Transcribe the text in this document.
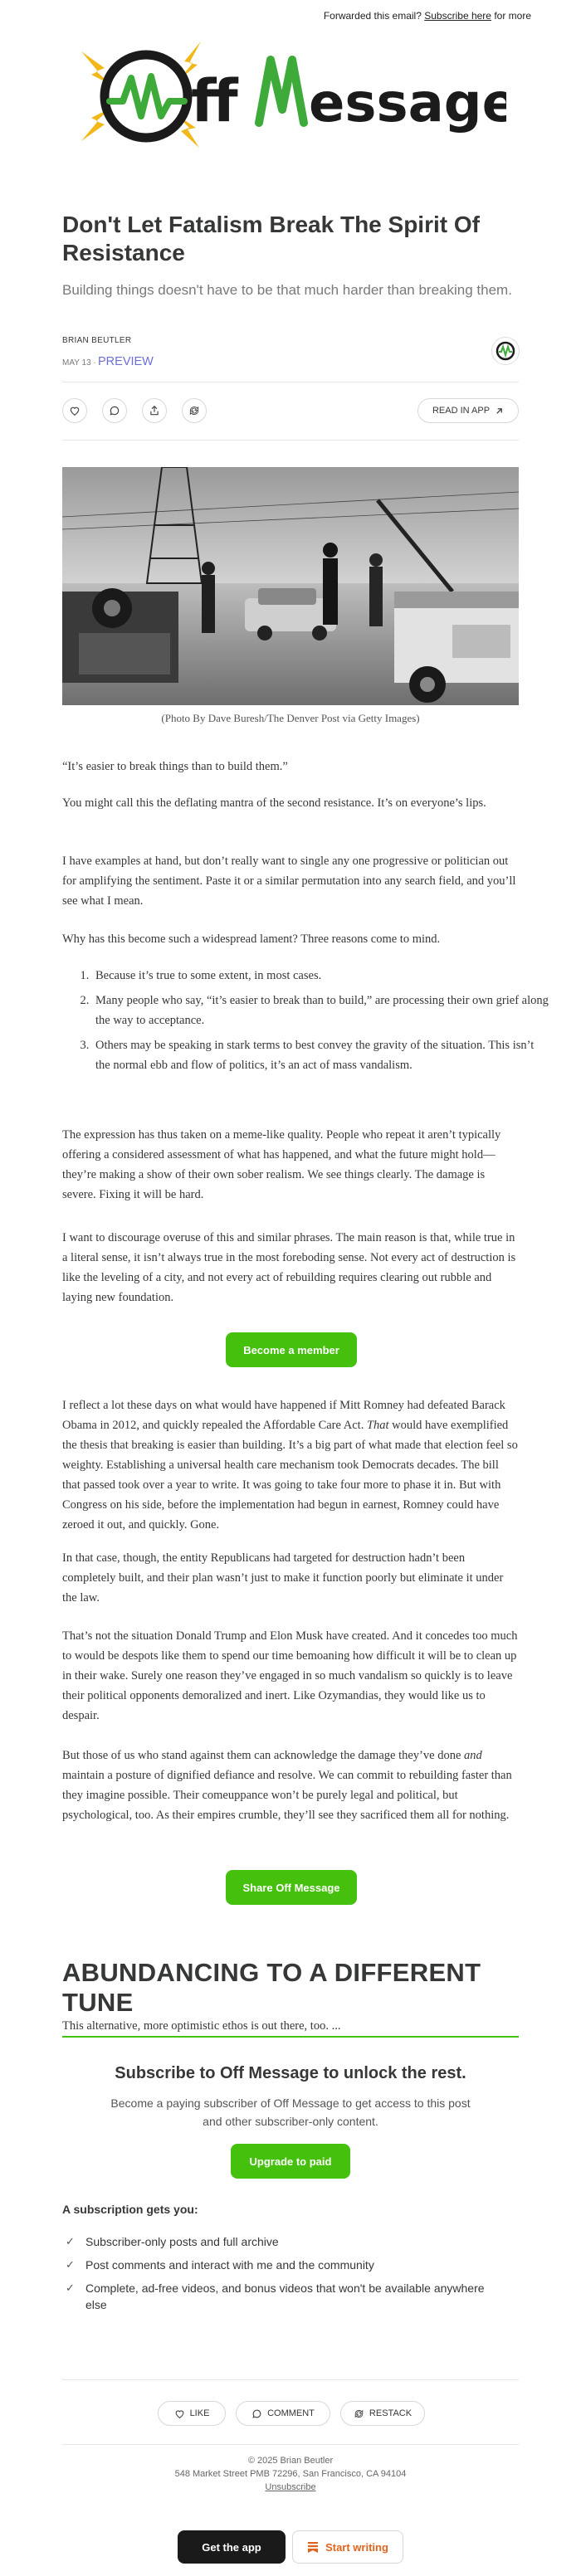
Forwarded this email? Subscribe here for more
ff essage
Don't Let Fatalism Break The Spirit Of Resistance

Building things doesn't have to be that much harder than breaking them.

BRIAN BEUTLER
MAY 13 ∙ PREVIEW
READ IN APP
(Photo By Dave Buresh/The Denver Post via Getty Images)

“It’s easier to break things than to build them.”

You might call this the deflating mantra of the second resistance. It’s on everyone’s lips.

I have examples at hand, but don’t really want to single any one progressive or politician out for amplifying the sentiment. Paste it or a similar permutation into any search field, and you’ll see what I mean.

Why has this become such a widespread lament? Three reasons come to mind.

1. Because it’s true to some extent, in most cases.
2. Many people who say, “it’s easier to break than to build,” are processing their own grief along the way to acceptance.
3. Others may be speaking in stark terms to best convey the gravity of the situation. This isn’t the normal ebb and flow of politics, it’s an act of mass vandalism.

The expression has thus taken on a meme-like quality. People who repeat it aren’t typically offering a considered assessment of what has happened, and what the future might hold—they’re making a show of their own sober realism. We see things clearly. The damage is severe. Fixing it will be hard.

I want to discourage overuse of this and similar phrases. The main reason is that, while true in a literal sense, it isn’t always true in the most foreboding sense. Not every act of destruction is like the leveling of a city, and not every act of rebuilding requires clearing out rubble and laying new foundation.

Become a member

I reflect a lot these days on what would have happened if Mitt Romney had defeated Barack Obama in 2012, and quickly repealed the Affordable Care Act. That would have exemplified the thesis that breaking is easier than building. It’s a big part of what made that election feel so weighty. Establishing a universal health care mechanism took Democrats decades. The bill that passed took over a year to write. It was going to take four more to phase it in. But with Congress on his side, before the implementation had begun in earnest, Romney could have zeroed it out, and quickly. Gone.

In that case, though, the entity Republicans had targeted for destruction hadn’t been completely built, and their plan wasn’t just to make it function poorly but eliminate it under the law.

That’s not the situation Donald Trump and Elon Musk have created. And it concedes too much to would be despots like them to spend our time bemoaning how difficult it will be to clean up in their wake. Surely one reason they’ve engaged in so much vandalism so quickly is to leave their political opponents demoralized and inert. Like Ozymandias, they would like us to despair.

But those of us who stand against them can acknowledge the damage they’ve done and maintain a posture of dignified defiance and resolve. We can commit to rebuilding faster than they imagine possible. Their comeuppance won’t be purely legal and political, but psychological, too. As their empires crumble, they’ll see they sacrificed them all for nothing.

Share Off Message
ABUNDANCING TO A DIFFERENT TUNE

This alternative, more optimistic ethos is out there, too. ...

Subscribe to Off Message to unlock the rest.
Become a paying subscriber of Off Message to get access to this post and other subscriber-only content.
Upgrade to paid
A subscription gets you:
✓ Subscriber-only posts and full archive
✓ Post comments and interact with me and the community
✓ Complete, ad-free videos, and bonus videos that won't be available anywhere else
LIKE	COMMENT	RESTACK
© 2025 Brian Beutler
548 Market Street PMB 72296, San Francisco, CA 94104
Unsubscribe
Get the app	Start writing
